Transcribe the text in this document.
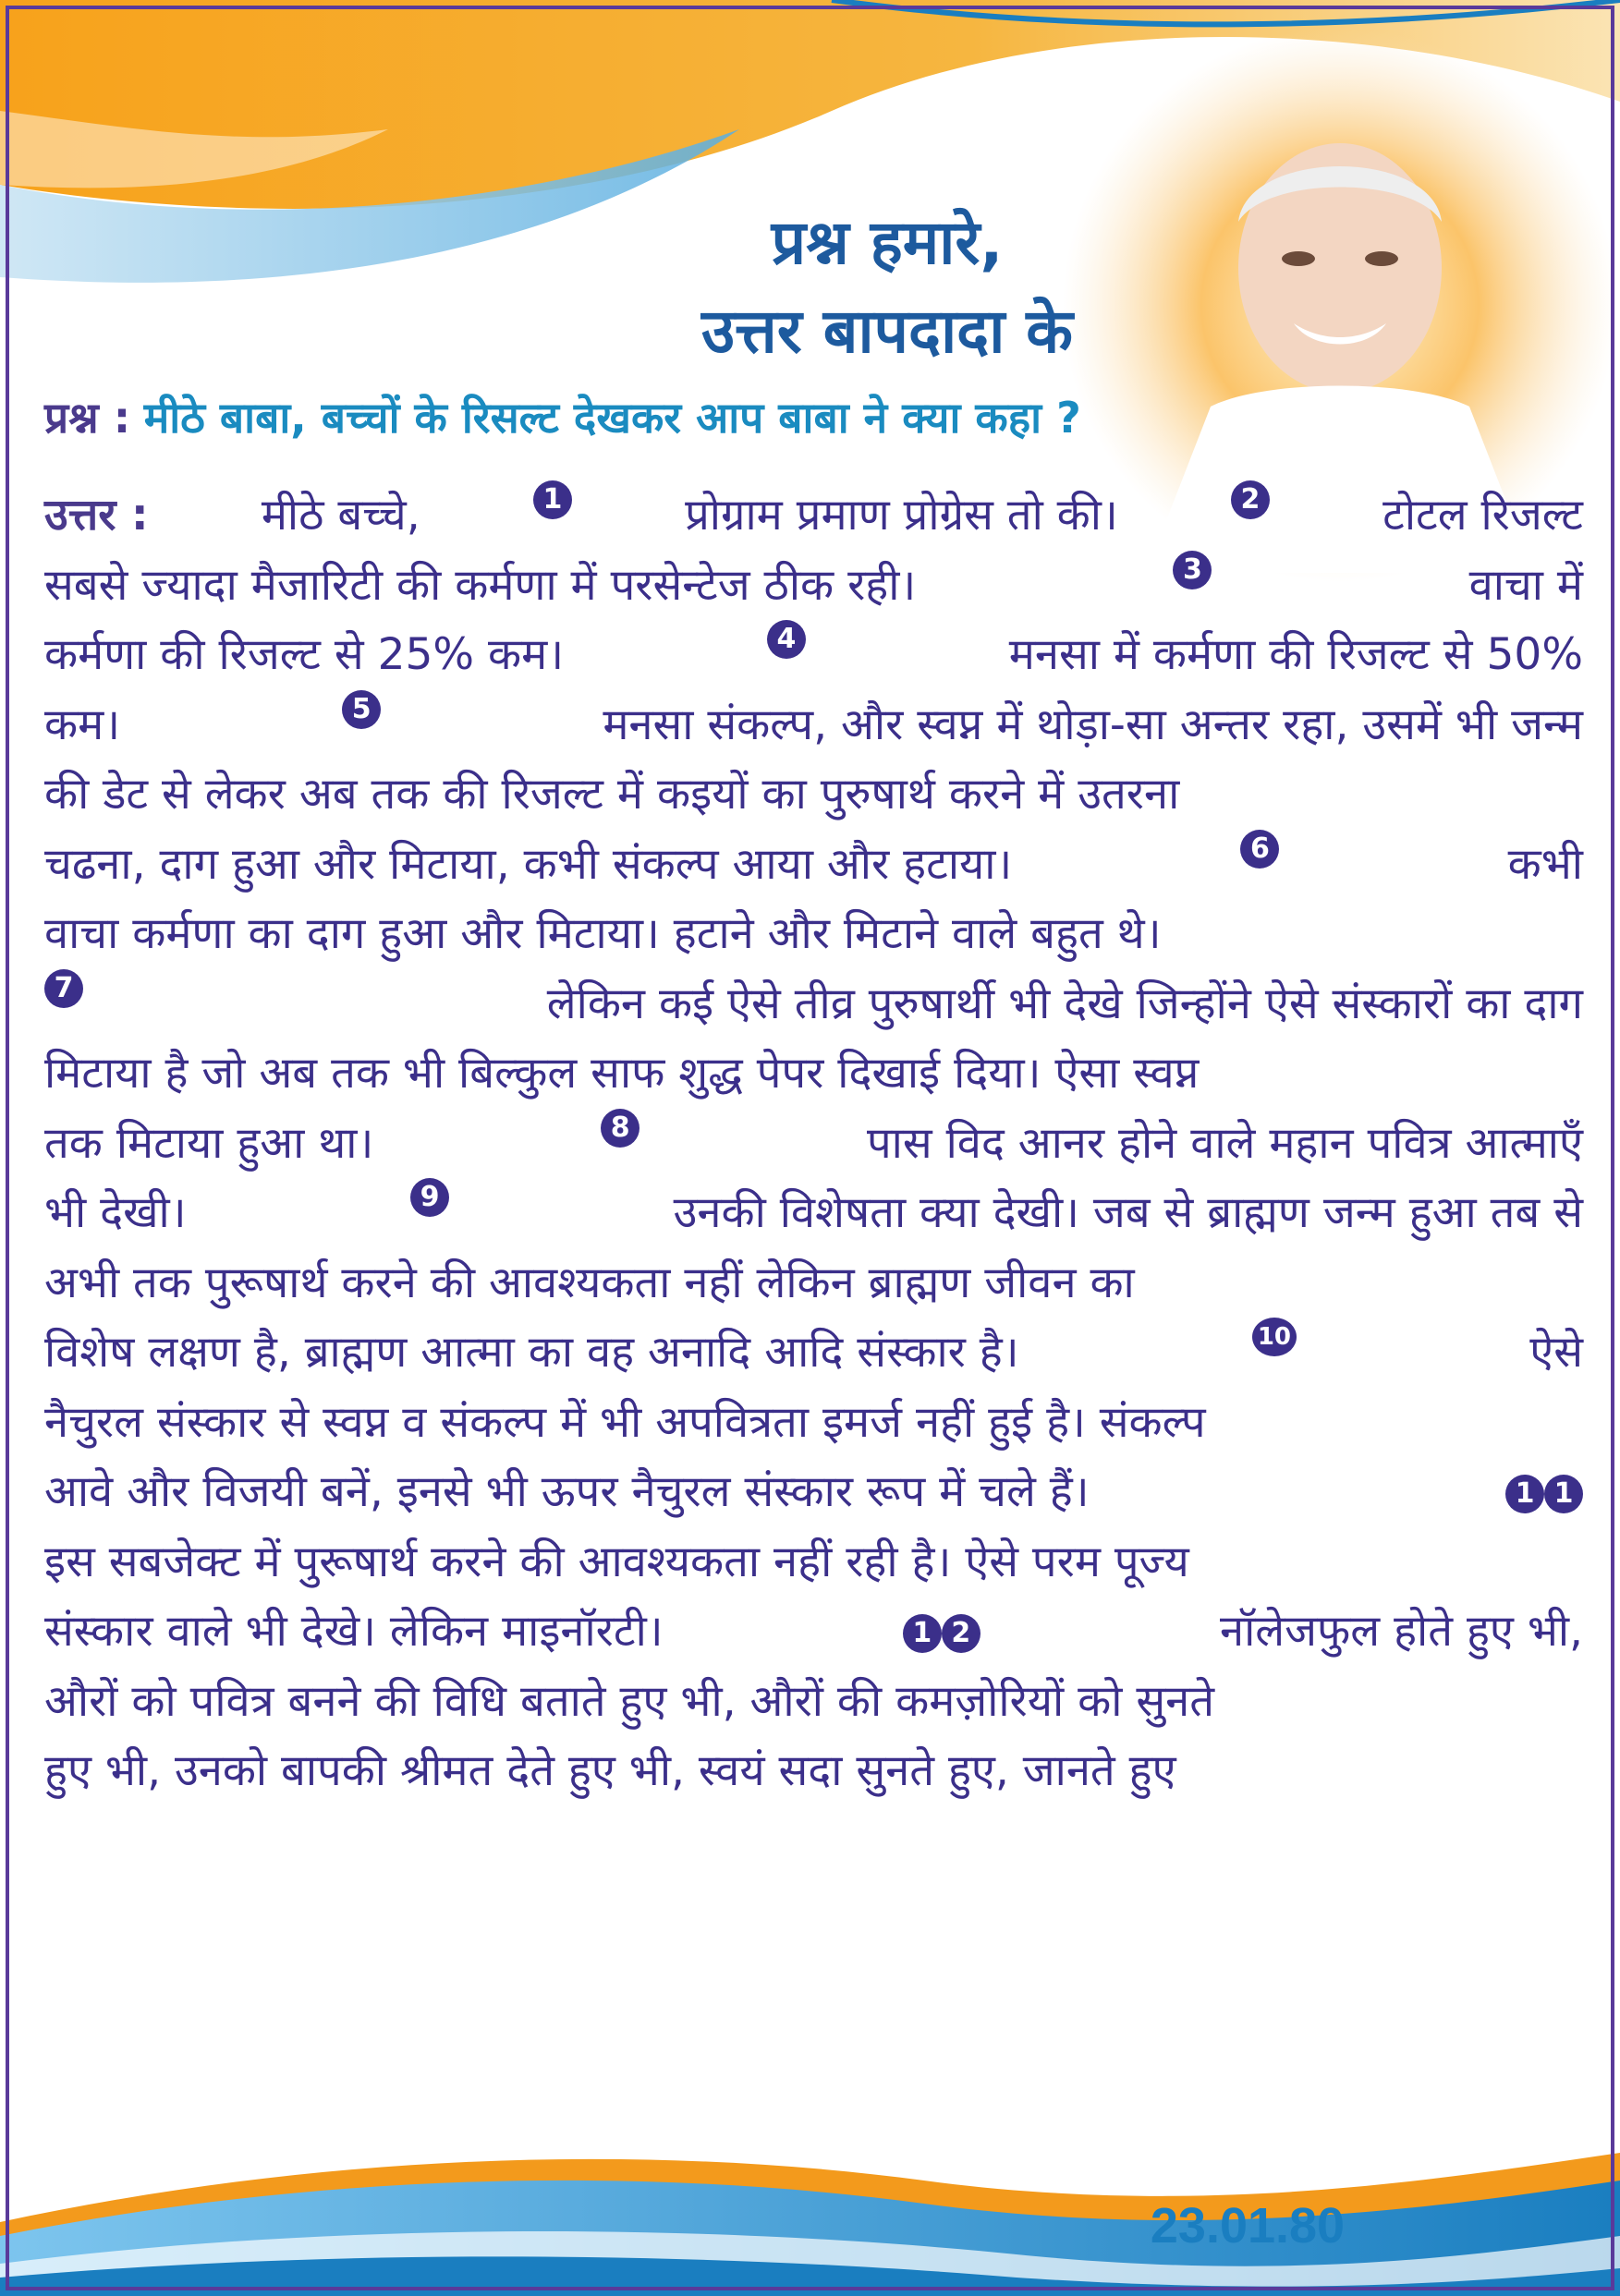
प्रश्न हमारे,
उत्तर बापदादा के
प्रश्न : मीठे बाबा, बच्चों के रिसल्ट देखकर आप बाबा ने क्या कहा ?
उत्तर :	मीठे बच्चे,	1	प्रोग्राम प्रमाण प्रोग्रेस तो की।	2	टोटल रिजल्ट
सबसे ज्यादा मैजारिटी की कर्मणा में परसेन्टेज ठीक रही।	3	वाचा में
कर्मणा की रिजल्ट से 25% कम।	4	मनसा में कर्मणा की रिजल्ट से 50%
कम।	5	मनसा संकल्प, और स्वप्न में थोड़ा-सा अन्तर रहा, उसमें भी जन्म
की डेट से लेकर अब तक की रिजल्ट में कइयों का पुरुषार्थ करने में उतरना
चढना, दाग हुआ और मिटाया, कभी संकल्प आया और हटाया।	6	कभी
वाचा कर्मणा का दाग हुआ और मिटाया। हटाने और मिटाने वाले बहुत थे।
7	लेकिन कई ऐसे तीव्र पुरुषार्थी भी देखे जिन्होंने ऐसे संस्कारों का दाग
मिटाया है जो अब तक भी बिल्कुल साफ शुद्ध पेपर दिखाई दिया। ऐसा स्वप्न
तक मिटाया हुआ था।	8	पास विद आनर होने वाले महान पवित्र आत्माएँ
भी देखी।	9	उनकी विशेषता क्या देखी। जब से ब्राह्मण जन्म हुआ तब से
अभी तक पुरूषार्थ करने की आवश्यकता नहीं लेकिन ब्राह्मण जीवन का
विशेष लक्षण है, ब्राह्मण आत्मा का वह अनादि आदि संस्कार है।	10	ऐसे
नैचुरल संस्कार से स्वप्न व संकल्प में भी अपवित्रता इमर्ज नहीं हुई है। संकल्प
आवे और विजयी बनें, इनसे भी ऊपर नैचुरल संस्कार रूप में चले हैं।	1 1
इस सबजेक्ट में पुरूषार्थ करने की आवश्यकता नहीं रही है। ऐसे परम पूज्य
संस्कार वाले भी देखे। लेकिन माइनॉरटी।	1 2	नॉलेजफुल होते हुए भी,
औरों को पवित्र बनने की विधि बताते हुए भी, औरों की कमज़ोरियों को सुनते
हुए भी, उनको बापकी श्रीमत देते हुए भी, स्वयं सदा सुनते हुए, जानते हुए
23.01.80
